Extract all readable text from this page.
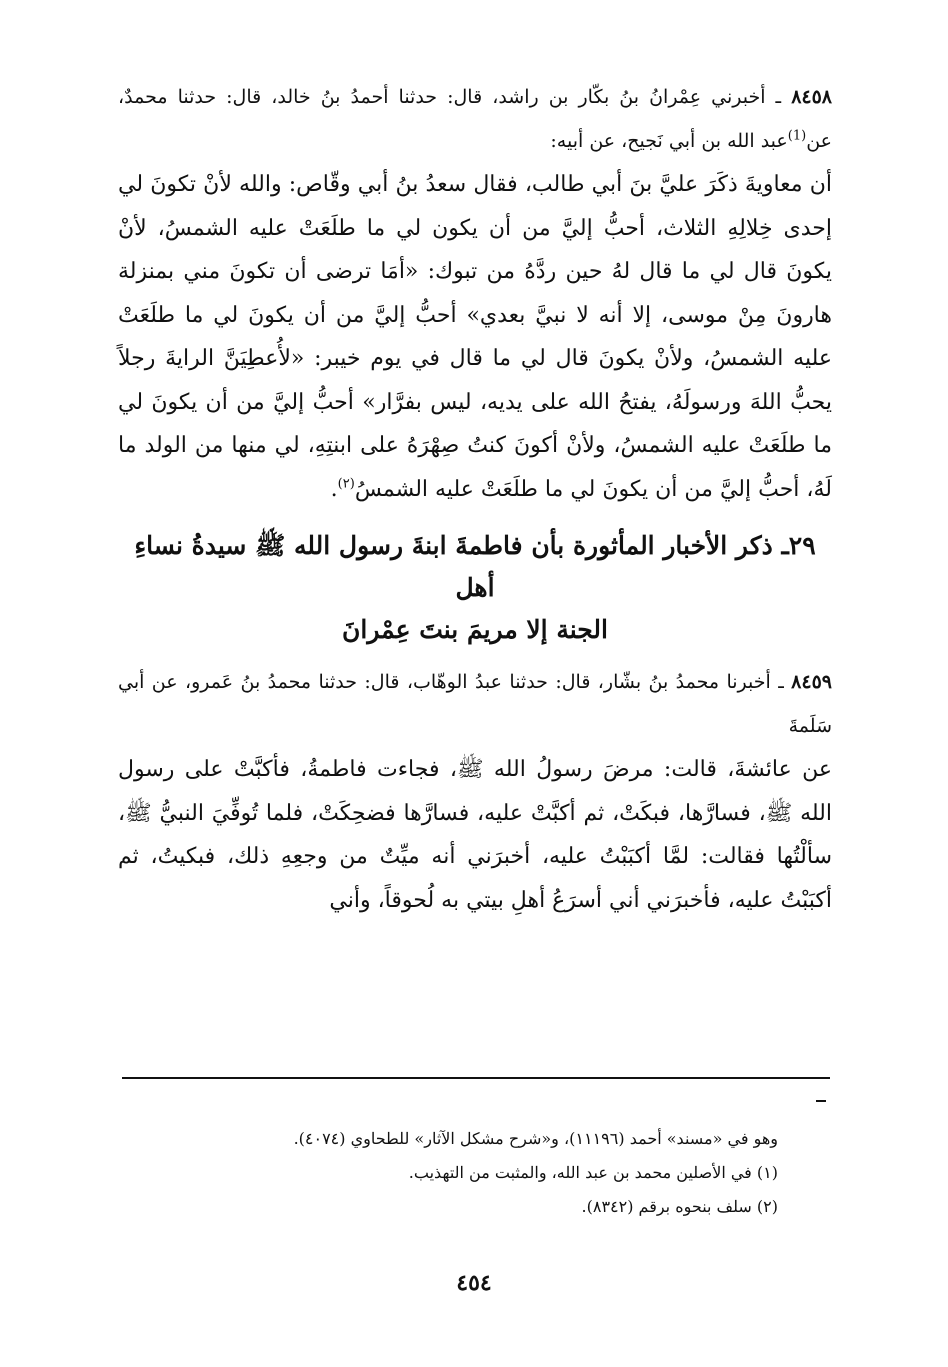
٨٤٥٨ ـ أخبرني عِمْرانُ بنُ بكّار بن راشد، قال: حدثنا أحمدُ بنُ خالد، قال: حدثنا محمدٌ، عن$^{(1)}$عبد الله بن أبي نَجيح، عن أبيه:

أن معاويةَ ذكَرَ عليَّ بنَ أبي طالب، فقال سعدُ بنُ أبي وقّاص: والله لأنْ تكونَ لي إحدى خِلالِهِ الثلاث، أحبُّ إليَّ من أن يكون لي ما طلَعَتْ عليه الشمسُ، لأنْ يكونَ قال لي ما قال لهُ حين ردَّهُ من تبوك: «أمَا ترضى أن تكونَ مني بمنزلة هارونَ مِنْ موسى، إلا أنه لا نبيَّ بعدي» أحبُّ إليَّ من أن يكونَ لي ما طلَعَتْ عليه الشمسُ، ولأنْ يكونَ قال لي ما قال في يوم خيبر: «لأُعطِيَنَّ الرايةَ رجلاً يحبُّ اللهَ ورسولَهُ، يفتحُ الله على يديه، ليس بفرَّار» أحبُّ إليَّ من أن يكونَ لي ما طلَعَتْ عليه الشمسُ، ولأنْ أكونَ كنتُ صِهْرَهُ على ابنتِهِ، لي منها من الولد ما لَهُ، أحبُّ إليَّ من أن يكونَ لي ما طلَعَتْ عليه الشمسُ$^{(٢)}$.

٢٩ـ ذكر الأخبار المأثورة بأن فاطمةَ ابنةَ رسول الله ﷺ سيدةُ نساءِ أهل
الجنة إلا مريمَ بنتَ عِمْرانَ

٨٤٥٩ ـ أخبرنا محمدُ بنُ بشّار، قال: حدثنا عبدُ الوهّاب، قال: حدثنا محمدُ بنُ عَمرو، عن أبي سَلَمةَ

عن عائشةَ، قالت: مرضَ رسولُ الله ﷺ، فجاءت فاطمةُ، فأكبَّتْ على رسول الله ﷺ، فسارَّها، فبكَتْ، ثم أكبَّتْ عليه، فسارَّها فضحِكَتْ، فلما تُوفِّيَ النبيُّ ﷺ، سألْتُها فقالت: لمَّا أكبَبْتُ عليه، أخبرَني أنه ميِّتٌ من وجعِهِ ذلك، فبكيتُ، ثم أكبَبْتُ عليه، فأخبرَني أني أسرَعُ أهلِ بيتي به لُحوقاً، وأني

وهو في «مسند» أحمد (١١١٩٦)، و«شرح مشكل الآثار» للطحاوي (٤٠٧٤).
(١) في الأصلين محمد بن عبد الله، والمثبت من التهذيب.
(٢) سلف بنحوه برقم (٨٣٤٢).
٤٥٤
